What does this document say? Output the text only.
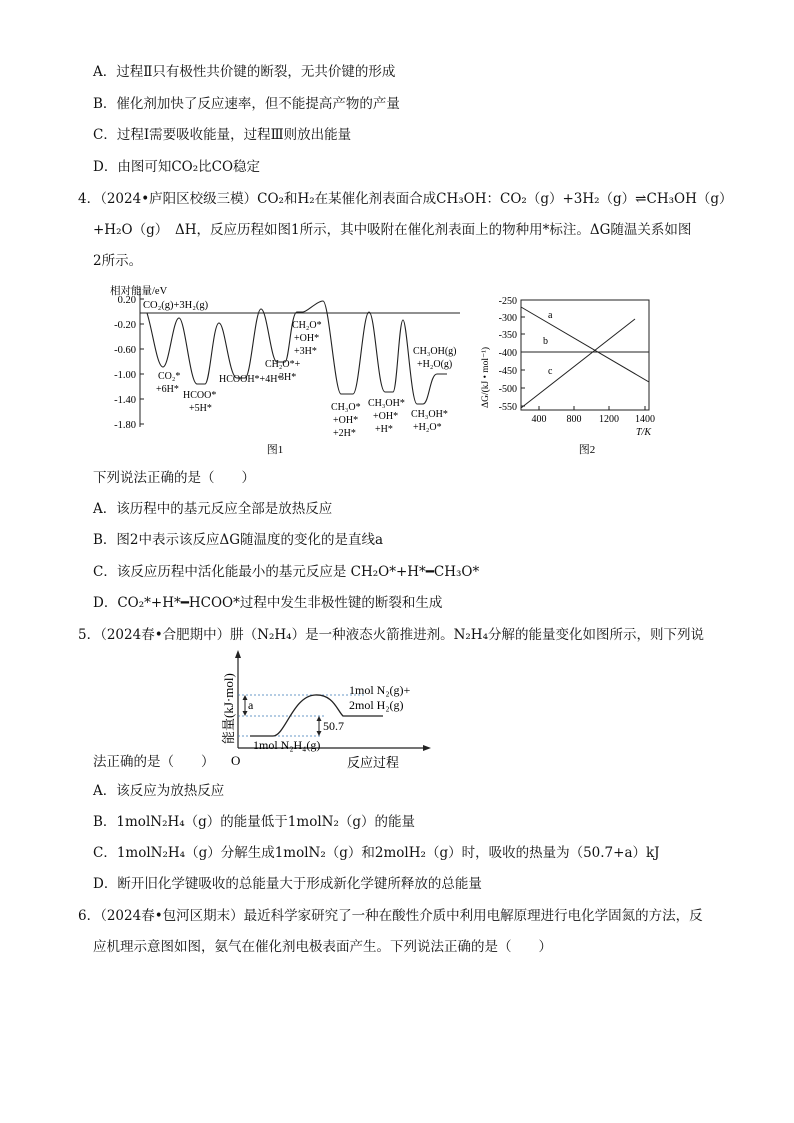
A．过程Ⅱ只有极性共价键的断裂，无共价键的形成
B．催化剂加快了反应速率，但不能提高产物的产量
C．过程Ⅰ需要吸收能量，过程Ⅲ则放出能量
D．由图可知CO₂比CO稳定
4．（2024•庐阳区校级三模）CO₂和H₂在某催化剂表面合成CH₃OH：CO₂（g）+3H₂（g）⇌CH₃OH（g）
+H₂O（g）　ΔH，反应历程如图1所示，其中吸附在催化剂表面上的物种用*标注。ΔG随温关系如图
2所示。
相对能量/eV
0.20
-0.20
-0.60
-1.00
-1.40
-1.80
CO₂(g)+3H₂(g)
CO₂*
+6H*
HCOO*
+5H*
HCOOH*+4H*
CH₂O*+
3H*
CH₂O*
+OH*
+3H*
CH₃O*
+OH*
+2H*
CH₃OH*
+OH*
+H*
CH₃OH*
+H₂O*
CH₃OH(g)
+H₂O(g)
图1
-250
-300
-350
-400
-450
-500
-550
400 800 1200 1400
T/K
ΔG/(kJ • mol⁻¹)
a
b
c
图2
下列说法正确的是（　　）
A．该历程中的基元反应全部是放热反应
B．图2中表示该反应ΔG随温度的变化的是直线a
C．该反应历程中活化能最小的基元反应是 CH₂O*+H*━CH₃O*
D．CO₂*+H*━HCOO*过程中发生非极性键的断裂和生成
5．（2024春•合肥期中）肼（N₂H₄）是一种液态火箭推进剂。N₂H₄分解的能量变化如图所示，则下列说
能量(kJ·mol)
O	反应过程
a
50.7
1mol N₂H₄(g)
1mol N₂(g)+
2mol H₂(g)
法正确的是（　　）
A．该反应为放热反应
B．1molN₂H₄（g）的能量低于1molN₂（g）的能量
C．1molN₂H₄（g）分解生成1molN₂（g）和2molH₂（g）时，吸收的热量为（50.7+a）kJ
D．断开旧化学键吸收的总能量大于形成新化学键所释放的总能量
6．（2024春•包河区期末）最近科学家研究了一种在酸性介质中利用电解原理进行电化学固氮的方法，反
应机理示意图如图，氨气在催化剂电极表面产生。下列说法正确的是（　　）
